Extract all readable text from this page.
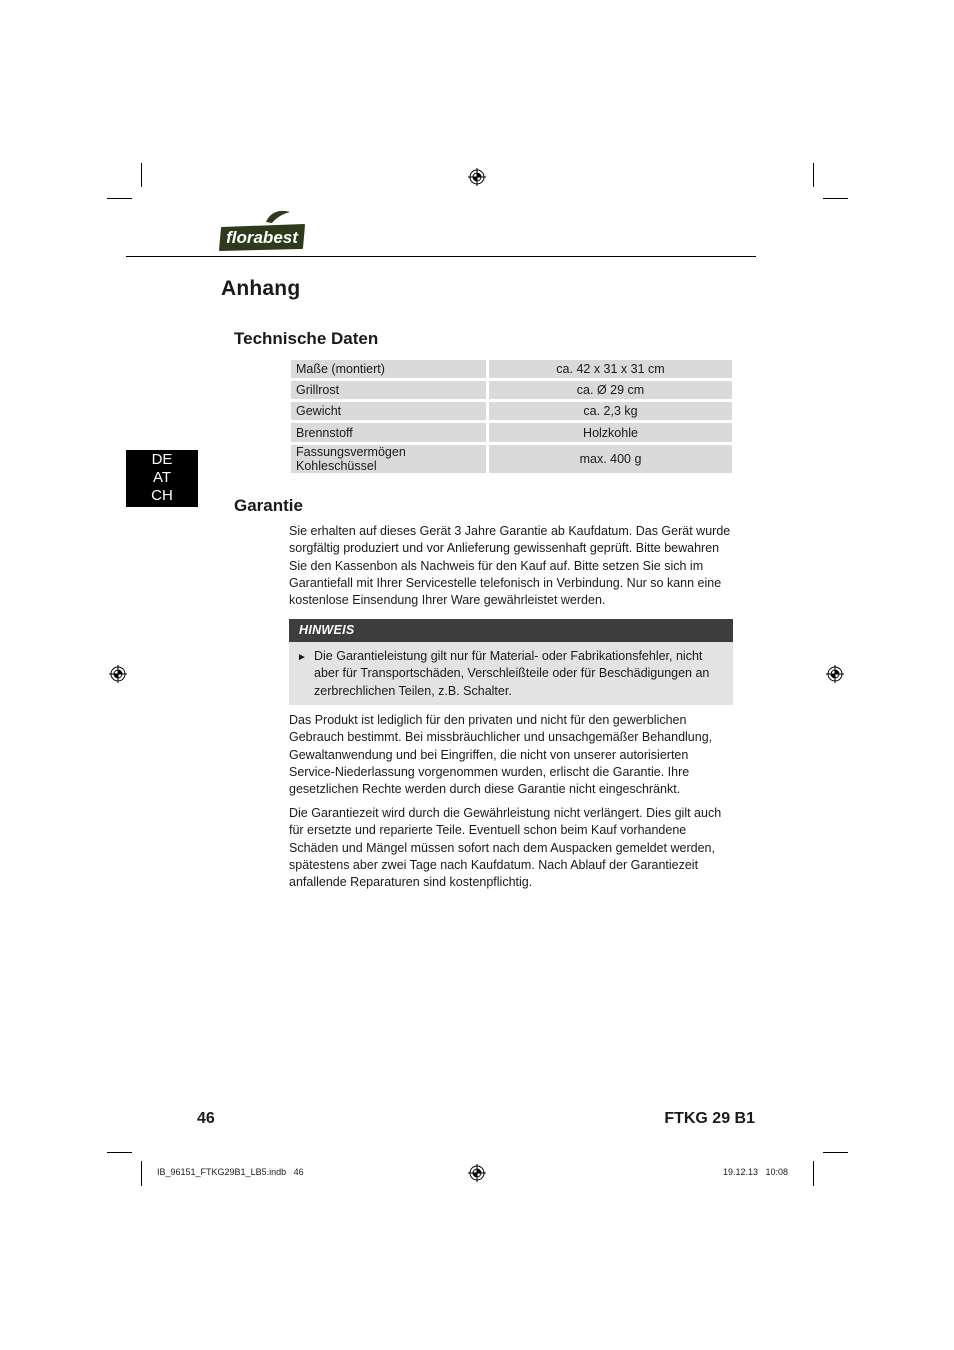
florabest
Anhang
DE
AT
CH
Technische Daten
Maße (montiert)	ca. 42 x 31 x 31 cm
Grillrost	ca. Ø 29 cm
Gewicht	ca. 2,3 kg
Brennstoff	Holzkohle
Fassungsvermögen Kohleschüssel	max. 400 g
Garantie

Sie erhalten auf dieses Gerät 3 Jahre Garantie ab Kaufdatum. Das Gerät wurde sorgfältig produziert und vor Anlieferung gewissenhaft geprüft. Bitte bewahren Sie den Kassenbon als Nachweis für den Kauf auf. Bitte setzen Sie sich im Garantiefall mit Ihrer Servicestelle telefonisch in Verbindung. Nur so kann eine kostenlose Einsendung Ihrer Ware gewährleistet werden.

HINWEIS
► Die Garantieleistung gilt nur für Material- oder Fabrikationsfehler, nicht aber für Transportschäden, Verschleißteile oder für Beschädigungen an zerbrechlichen Teilen, z.B. Schalter.

Das Produkt ist lediglich für den privaten und nicht für den gewerblichen Gebrauch bestimmt. Bei missbräuchlicher und unsachgemäßer Behandlung, Gewaltanwendung und bei Eingriffen, die nicht von unserer autorisierten Service-Niederlassung vorgenommen wurden, erlischt die Garantie. Ihre gesetzlichen Rechte werden durch diese Garantie nicht eingeschränkt.

Die Garantiezeit wird durch die Gewährleistung nicht verlängert. Dies gilt auch für ersetzte und reparierte Teile. Eventuell schon beim Kauf vorhandene Schäden und Mängel müssen sofort nach dem Auspacken gemeldet werden, spätestens aber zwei Tage nach Kaufdatum. Nach Ablauf der Garantiezeit anfallende Reparaturen sind kostenpflichtig.

46	FTKG 29 B1
IB_96151_FTKG29B1_LB5.indb   46	19.12.13   10:08
